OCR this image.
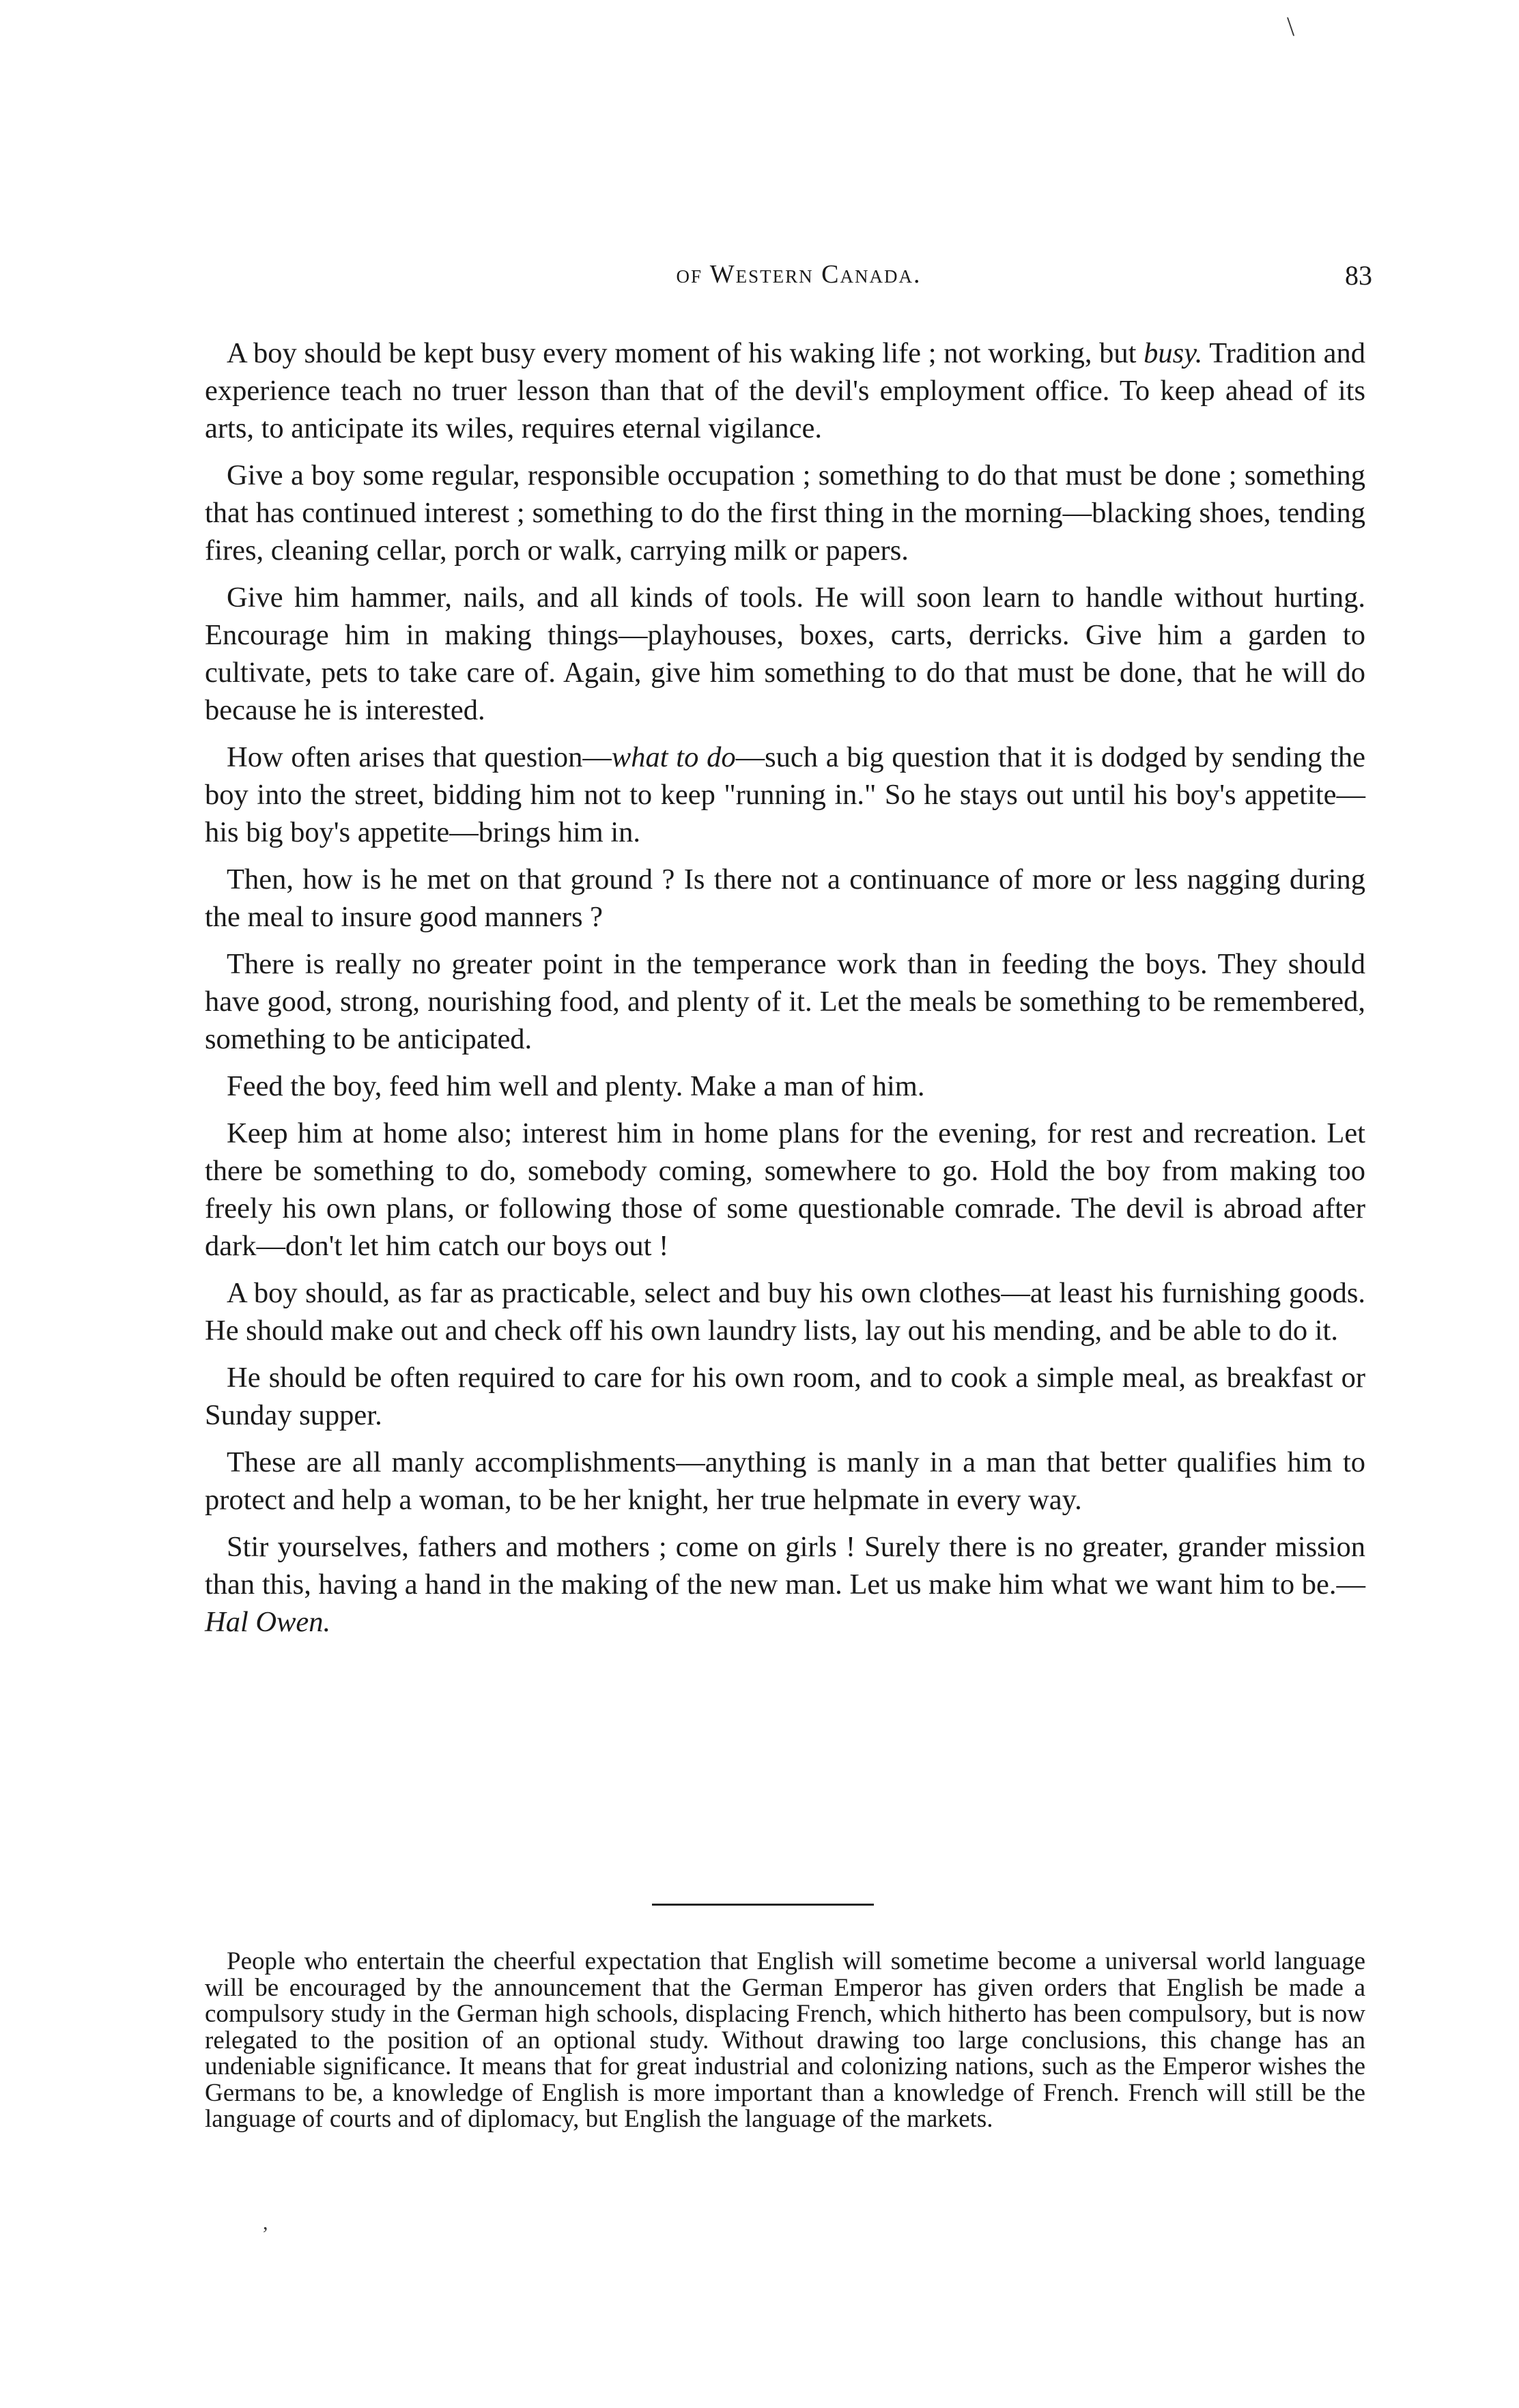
\
of Western Canada.	83

A boy should be kept busy every moment of his waking life ; not working, but busy. Tradition and experience teach no truer lesson than that of the devil's employment office. To keep ahead of its arts, to anticipate its wiles, requires eternal vigilance.

Give a boy some regular, responsible occupation ; something to do that must be done ; something that has continued interest ; something to do the first thing in the morning—blacking shoes, tending fires, cleaning cellar, porch or walk, carrying milk or papers.

Give him hammer, nails, and all kinds of tools. He will soon learn to handle without hurting. Encourage him in making things—playhouses, boxes, carts, derricks. Give him a garden to cultivate, pets to take care of. Again, give him something to do that must be done, that he will do because he is interested.

How often arises that question—what to do—such a big question that it is dodged by sending the boy into the street, bidding him not to keep "running in." So he stays out until his boy's appetite—his big boy's appetite—brings him in.

Then, how is he met on that ground ? Is there not a continuance of more or less nagging during the meal to insure good manners ?

There is really no greater point in the temperance work than in feeding the boys. They should have good, strong, nourishing food, and plenty of it. Let the meals be something to be remembered, something to be anticipated.

Feed the boy, feed him well and plenty. Make a man of him.

Keep him at home also; interest him in home plans for the evening, for rest and recreation. Let there be something to do, somebody coming, somewhere to go. Hold the boy from making too freely his own plans, or following those of some questionable comrade. The devil is abroad after dark—don't let him catch our boys out !

A boy should, as far as practicable, select and buy his own clothes—at least his furnishing goods. He should make out and check off his own laundry lists, lay out his mending, and be able to do it.

He should be often required to care for his own room, and to cook a simple meal, as breakfast or Sunday supper.

These are all manly accomplishments—anything is manly in a man that better qualifies him to protect and help a woman, to be her knight, her true helpmate in every way.

Stir yourselves, fathers and mothers ; come on girls ! Surely there is no greater, grander mission than this, having a hand in the making of the new man. Let us make him what we want him to be.—Hal Owen.

People who entertain the cheerful expectation that English will sometime become a universal world language will be encouraged by the announcement that the German Emperor has given orders that English be made a compulsory study in the German high schools, displacing French, which hitherto has been compulsory, but is now relegated to the position of an optional study. Without drawing too large conclusions, this change has an undeniable significance. It means that for great industrial and colonizing nations, such as the Emperor wishes the Germans to be, a knowledge of English is more important than a knowledge of French. French will still be the language of courts and of diplomacy, but English the language of the markets.

,
